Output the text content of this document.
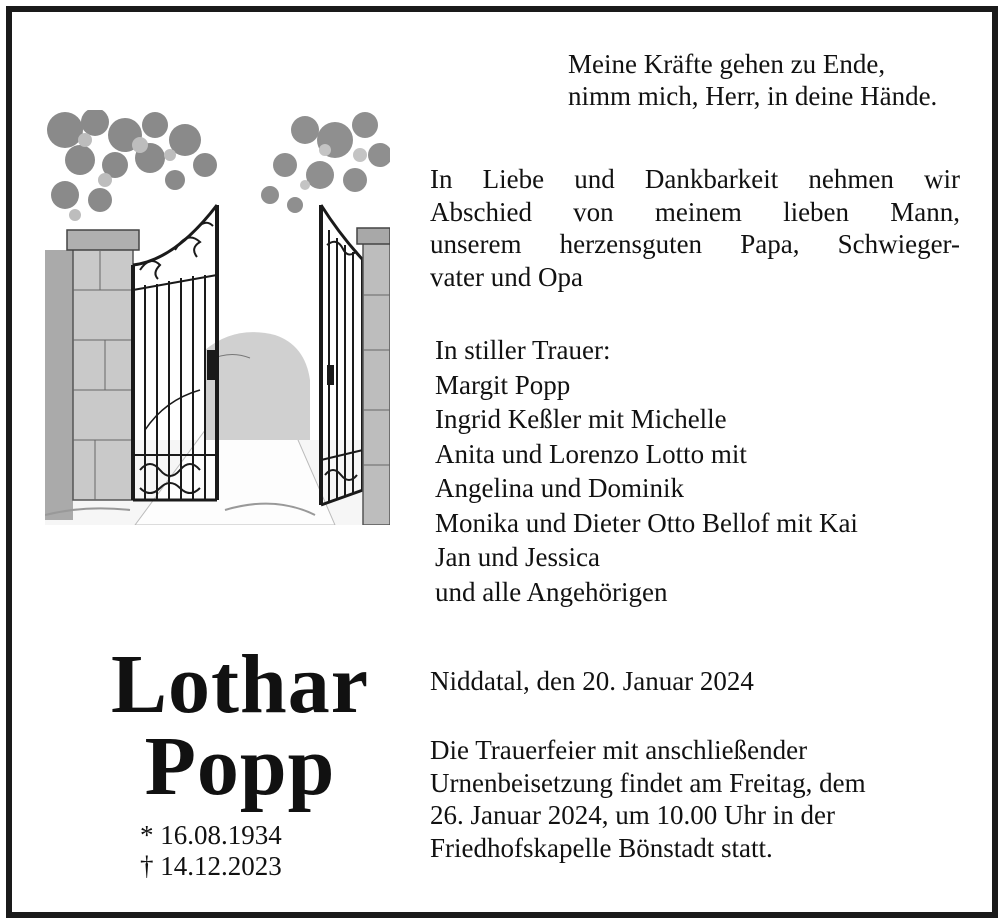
Meine Kräfte gehen zu Ende,
nimm mich, Herr, in deine Hände.
In Liebe und Dankbarkeit nehmen wir
Abschied von meinem lieben Mann,
unserem herzensguten Papa, Schwieger-
vater und Opa
In stiller Trauer:
Margit Popp
Ingrid Keßler mit Michelle
Anita und Lorenzo Lotto mit
Angelina und Dominik
Monika und Dieter Otto Bellof mit Kai
Jan und Jessica
und alle Angehörigen
Lothar
Popp
* 16.08.1934
† 14.12.2023
Niddatal, den 20. Januar 2024
Die Trauerfeier mit anschließender
Urnenbeisetzung findet am Freitag, dem
26. Januar 2024, um 10.00 Uhr in der
Friedhofskapelle Bönstadt statt.
